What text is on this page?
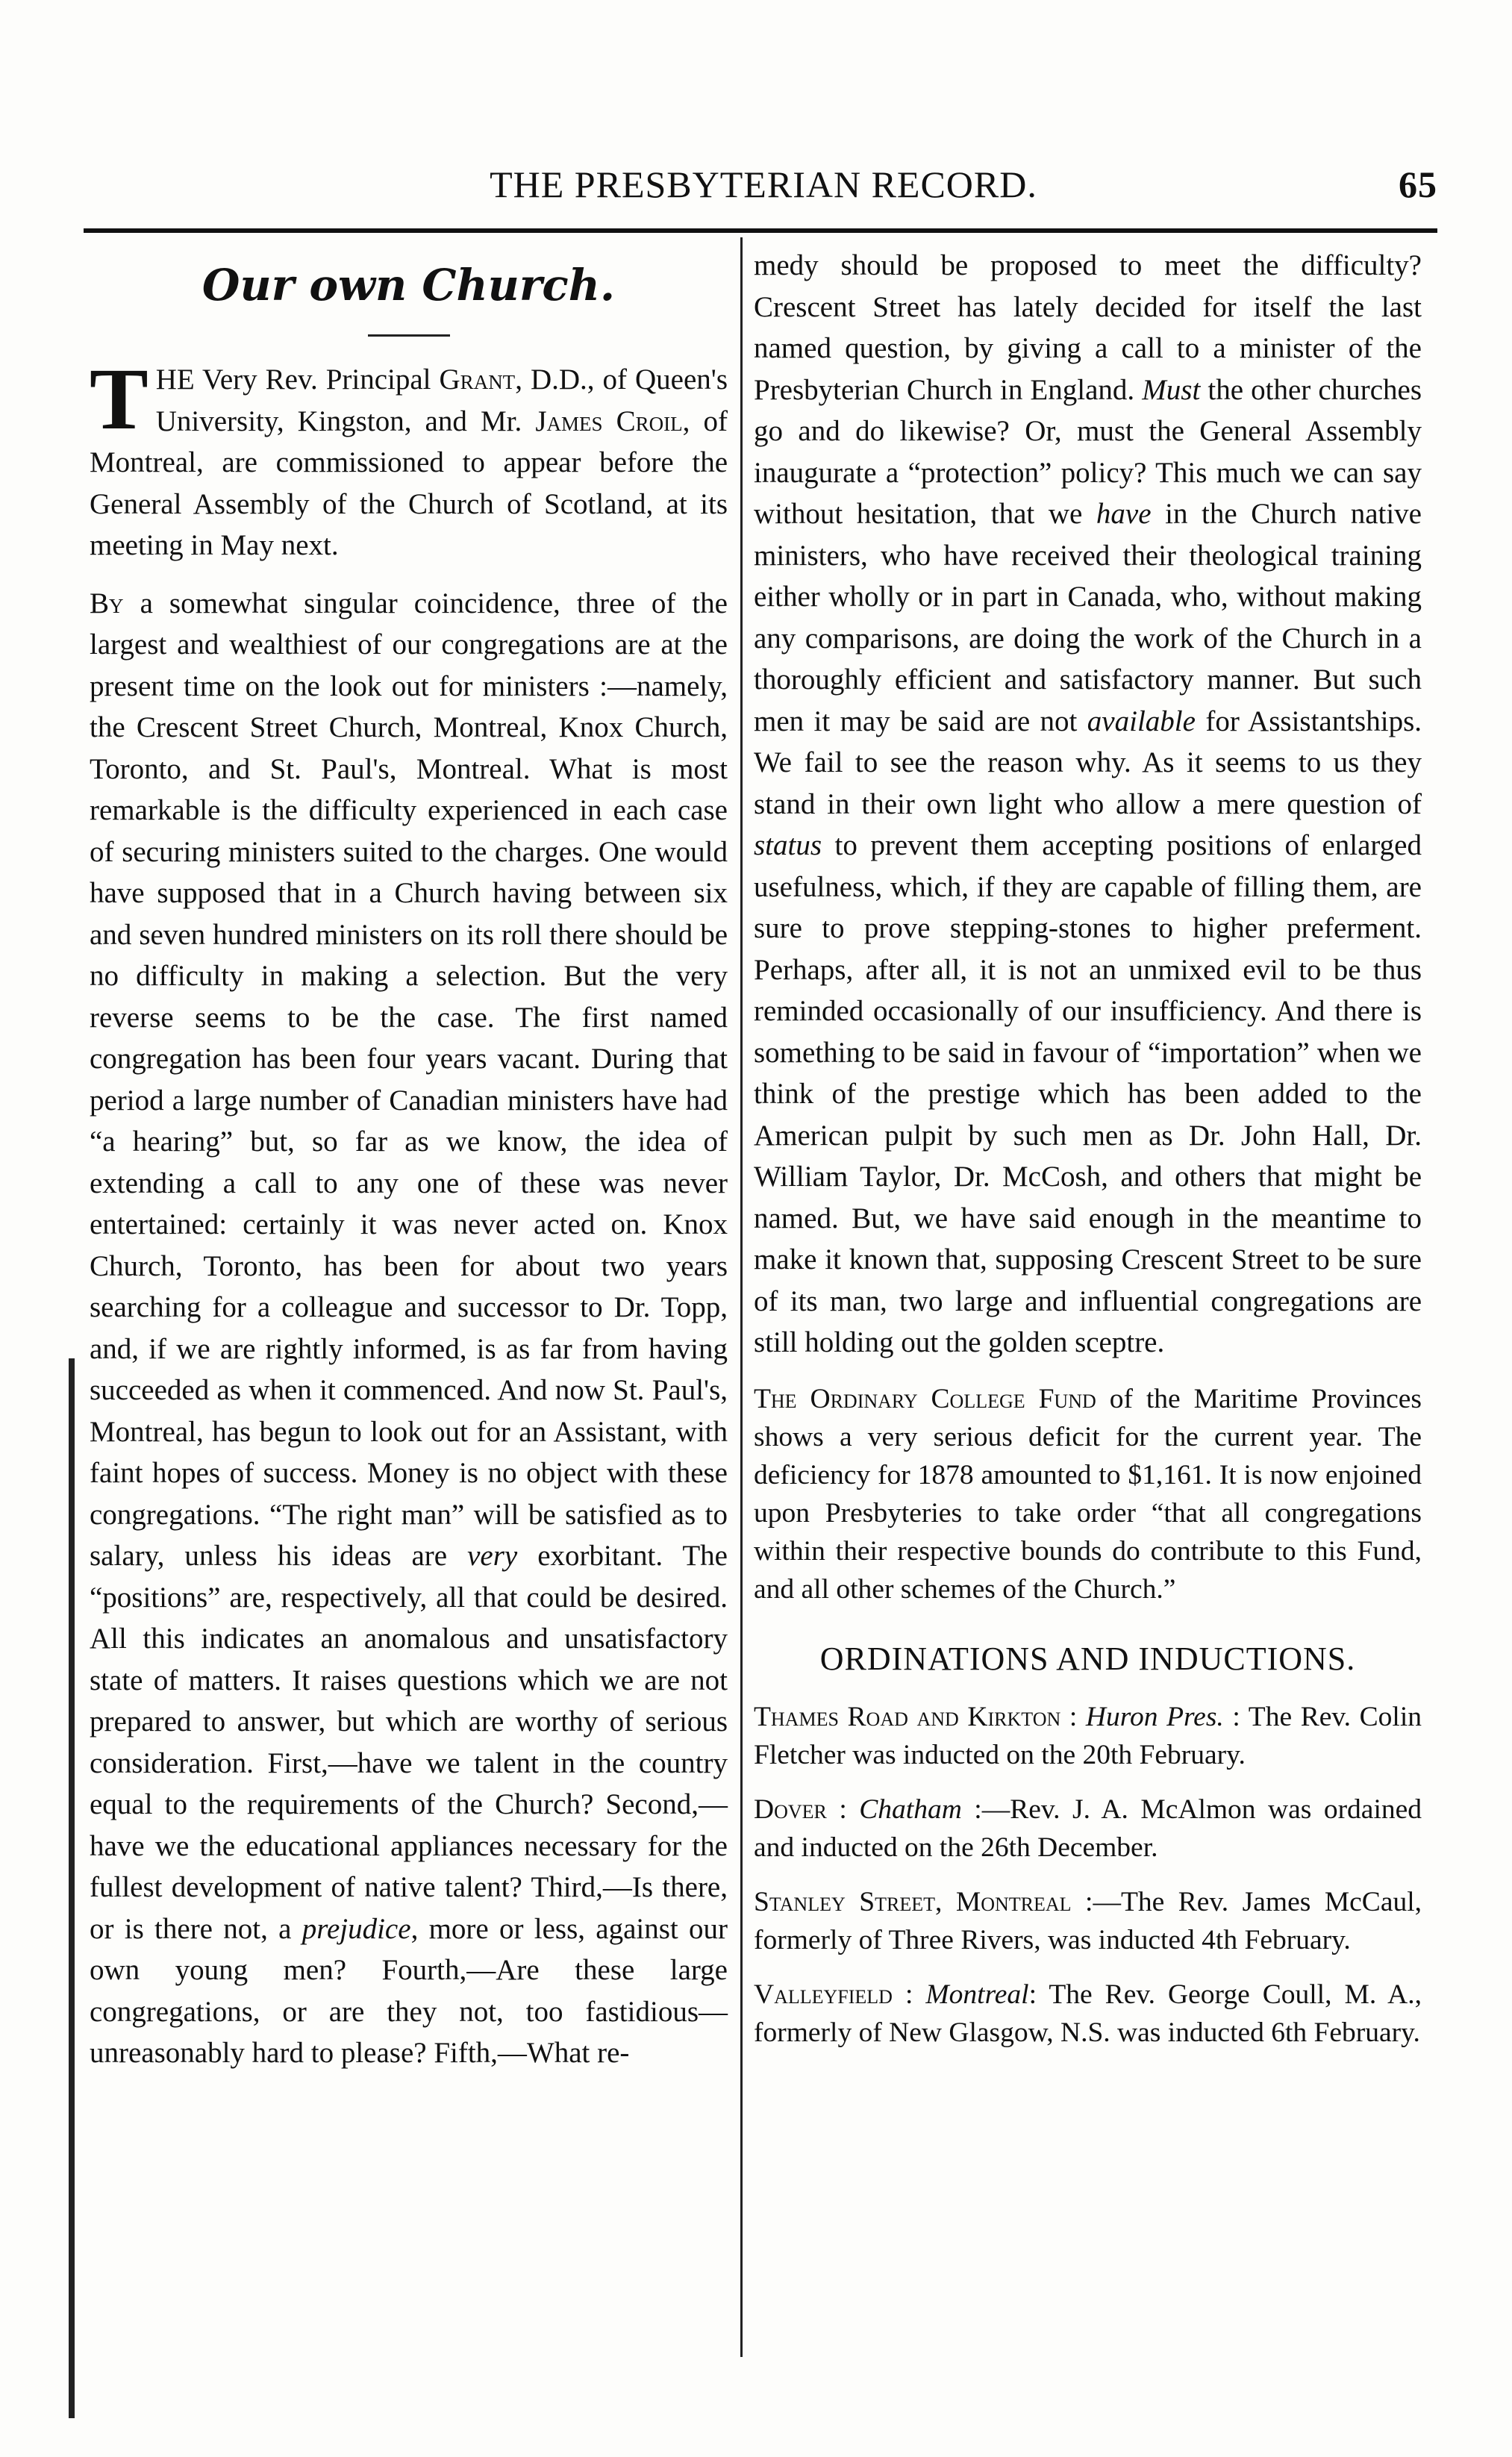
THE PRESBYTERIAN RECORD.	65
Our own Church.

THE Very Rev. Principal Grant, D.D., of Queen's University, Kingston, and Mr. James Croil, of Montreal, are commissioned to appear before the General Assembly of the Church of Scotland, at its meeting in May next.

By a somewhat singular coincidence, three of the largest and wealthiest of our congregations are at the present time on the look out for ministers :—namely, the Crescent Street Church, Montreal, Knox Church, Toronto, and St. Paul's, Montreal. What is most remarkable is the difficulty experienced in each case of securing ministers suited to the charges. One would have supposed that in a Church having between six and seven hundred ministers on its roll there should be no difficulty in making a selection. But the very reverse seems to be the case. The first named congregation has been four years vacant. During that period a large number of Canadian ministers have had “a hearing” but, so far as we know, the idea of extending a call to any one of these was never entertained: certainly it was never acted on. Knox Church, Toronto, has been for about two years searching for a colleague and successor to Dr. Topp, and, if we are rightly informed, is as far from having succeeded as when it commenced. And now St. Paul's, Montreal, has begun to look out for an Assistant, with faint hopes of success. Money is no object with these congregations. “The right man” will be satisfied as to salary, unless his ideas are very exorbitant. The “positions” are, respectively, all that could be desired. All this indicates an anomalous and unsatisfactory state of matters. It raises questions which we are not prepared to answer, but which are worthy of serious consideration. First,—have we talent in the country equal to the requirements of the Church? Second,—have we the educational appliances necessary for the fullest development of native talent? Third,—Is there, or is there not, a prejudice, more or less, against our own young men? Fourth,—Are these large congregations, or are they not, too fastidious—unreasonably hard to please? Fifth,—What re-

medy should be proposed to meet the difficulty? Crescent Street has lately decided for itself the last named question, by giving a call to a minister of the Presbyterian Church in England. Must the other churches go and do likewise? Or, must the General Assembly inaugurate a “protection” policy? This much we can say without hesitation, that we have in the Church native ministers, who have received their theological training either wholly or in part in Canada, who, without making any comparisons, are doing the work of the Church in a thoroughly efficient and satisfactory manner. But such men it may be said are not available for Assistantships. We fail to see the reason why. As it seems to us they stand in their own light who allow a mere question of status to prevent them accepting positions of enlarged usefulness, which, if they are capable of filling them, are sure to prove stepping-stones to higher preferment. Perhaps, after all, it is not an unmixed evil to be thus reminded occasionally of our insufficiency. And there is something to be said in favour of “importation” when we think of the prestige which has been added to the American pulpit by such men as Dr. John Hall, Dr. William Taylor, Dr. McCosh, and others that might be named. But, we have said enough in the meantime to make it known that, supposing Crescent Street to be sure of its man, two large and influential congregations are still holding out the golden sceptre.

The Ordinary College Fund of the Maritime Provinces shows a very serious deficit for the current year. The deficiency for 1878 amounted to $1,161. It is now enjoined upon Presbyteries to take order “that all congregations within their respective bounds do contribute to this Fund, and all other schemes of the Church.”

ORDINATIONS AND INDUCTIONS.

Thames Road and Kirkton : Huron Pres. : The Rev. Colin Fletcher was inducted on the 20th February.

Dover : Chatham :—Rev. J. A. McAlmon was ordained and inducted on the 26th December.

Stanley Street, Montreal :—The Rev. James McCaul, formerly of Three Rivers, was inducted 4th February.

Valleyfield : Montreal: The Rev. George Coull, M. A., formerly of New Glasgow, N.S. was inducted 6th February.
